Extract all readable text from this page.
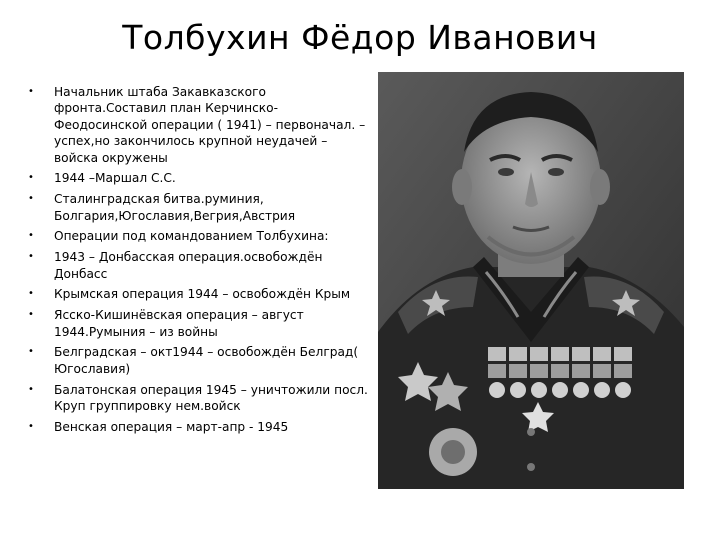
Толбухин Фёдор Иванович
• Начальник штаба Закавказского фронта.Составил план Керчинско-Феодосинской операции ( 1941) – первоначал. – успех,но закончилось крупной неудачей – войска окружены
• 1944 –Маршал С.С.
• Сталинградская битва.руминия, Болгария,Югославия,Вегрия,Австрия
• Операции под командованием Толбухина:
• 1943 – Донбасская операция.освобождён Донбасс
• Крымская операция 1944 – освобождён Крым
• Ясско-Кишинёвская операция – август 1944.Румыния – из войны
• Белградская – окт1944 – освобождён Белград( Югославия)
• Балатонская операция 1945 – уничтожили посл. Круп группировку нем.войск
• Венская операция – март-апр - 1945
